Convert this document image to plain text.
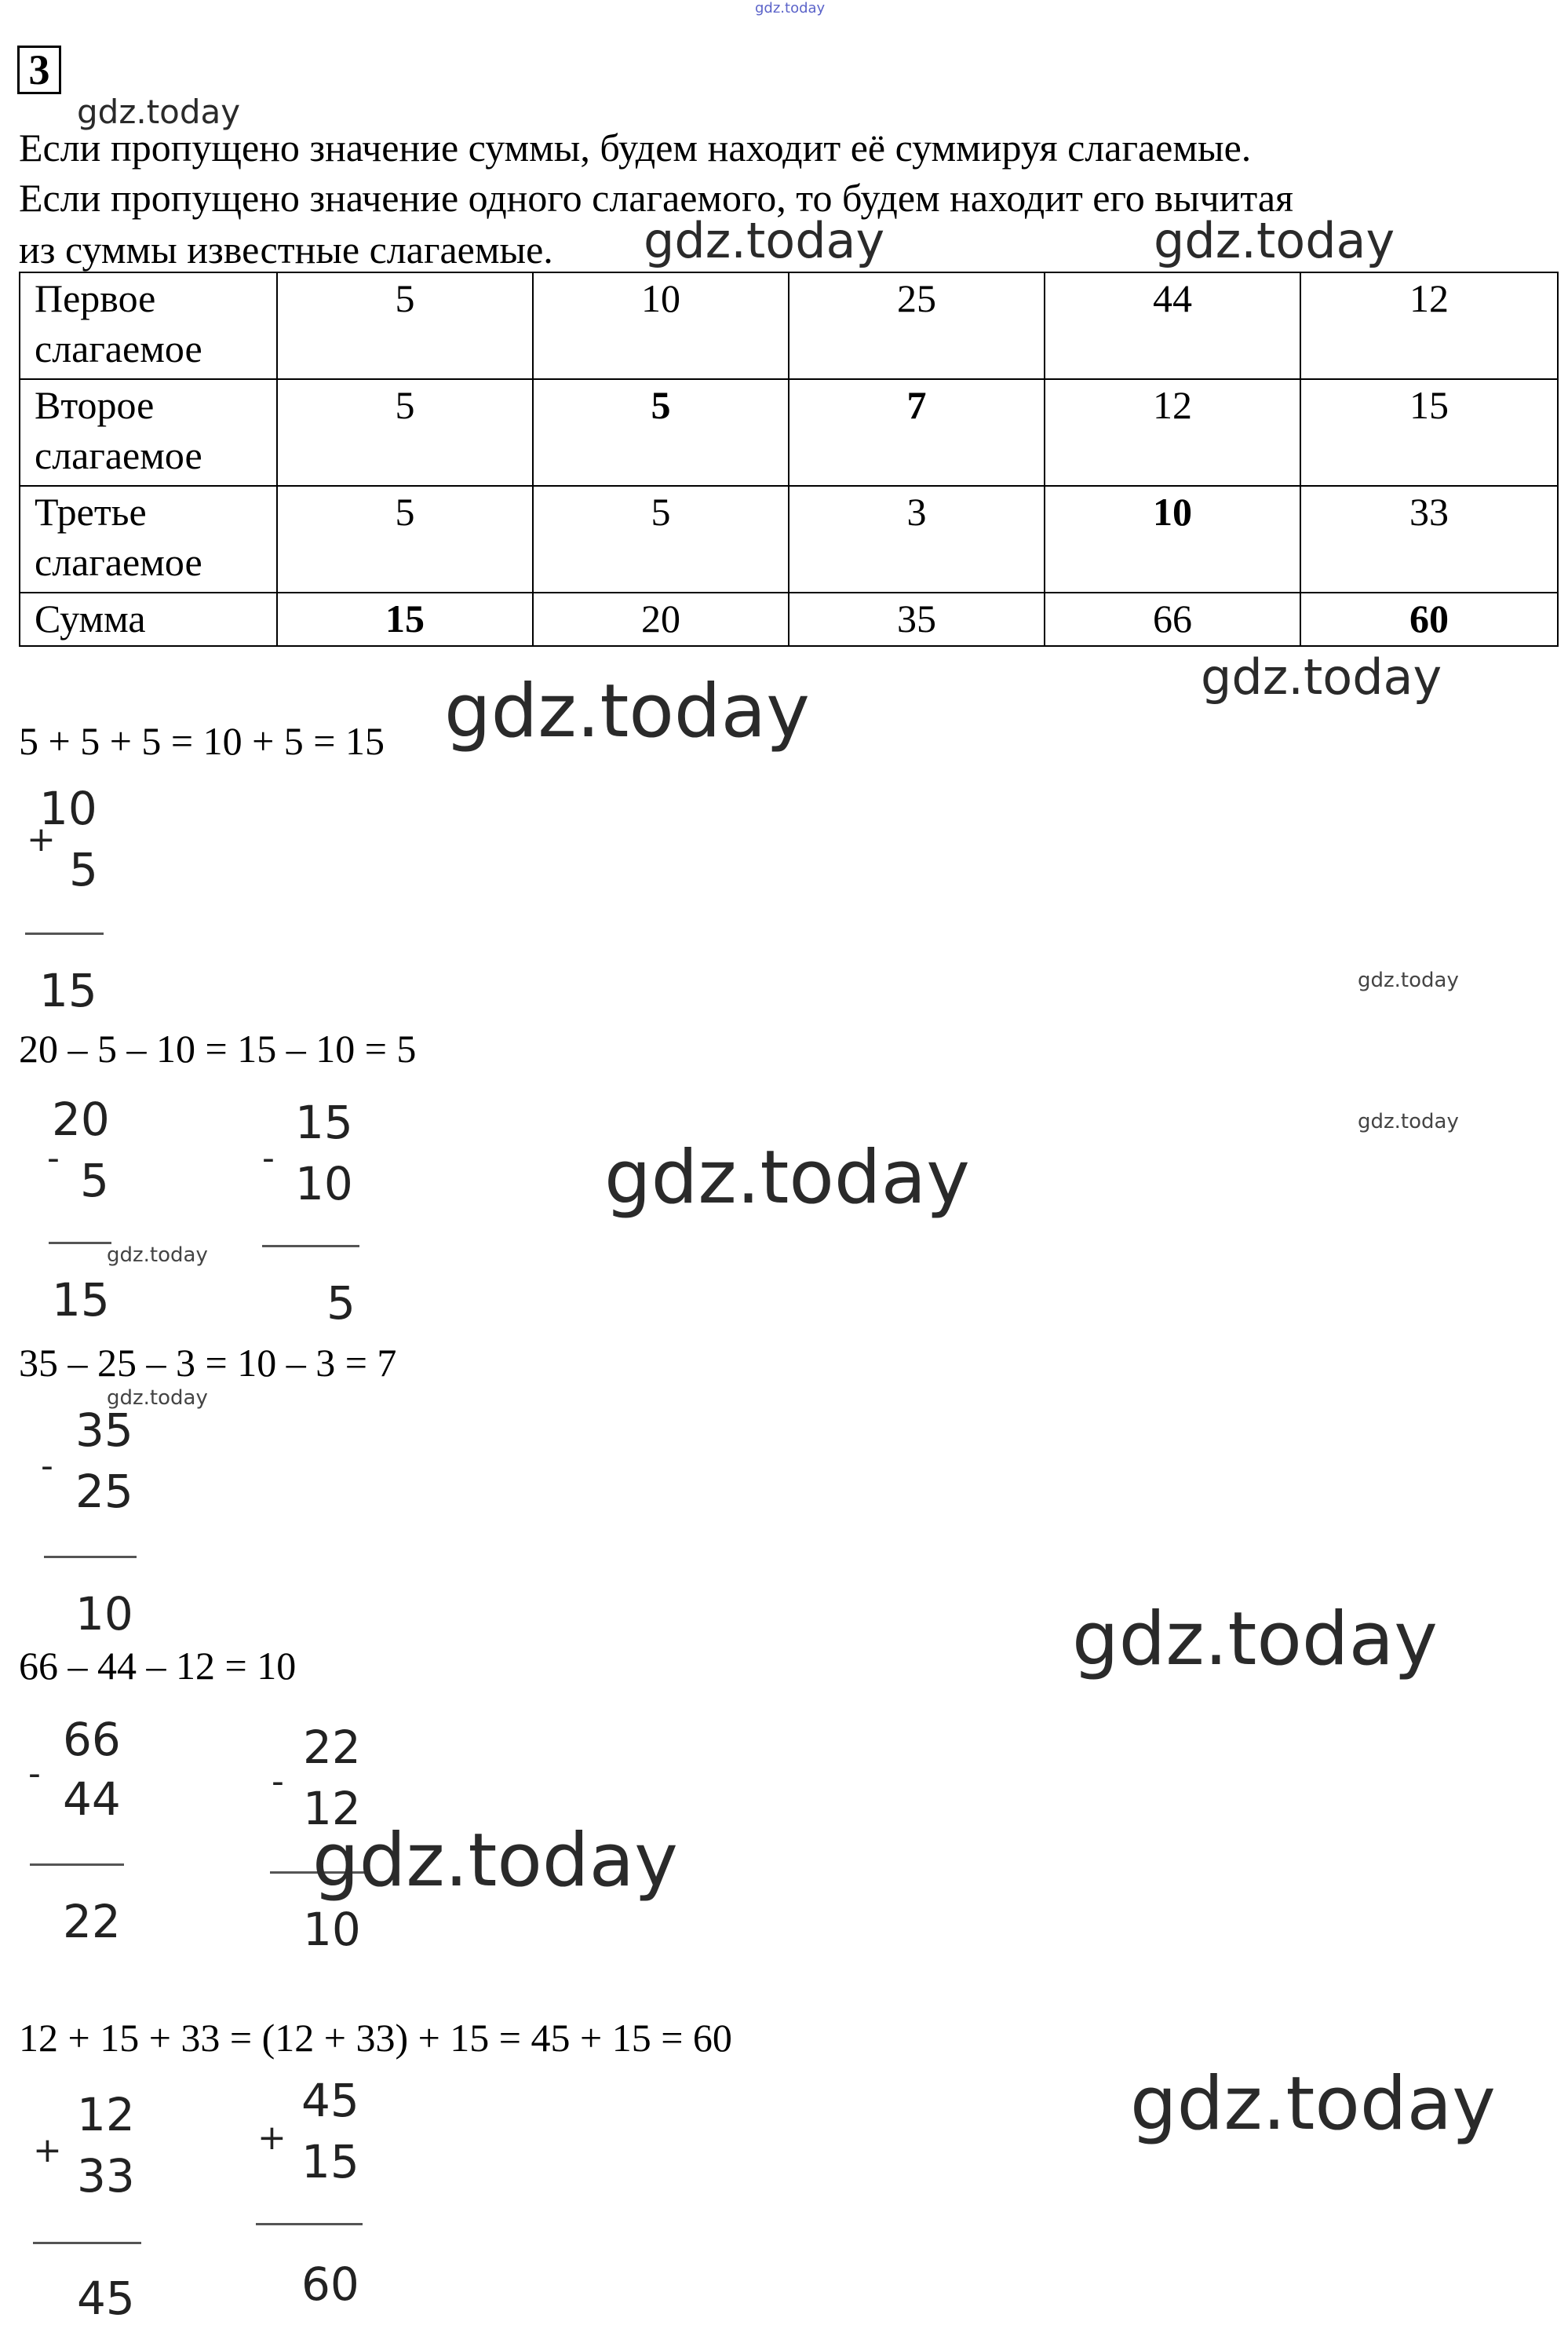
gdz.today
3
gdz.today
Если пропущено значение суммы, будем находит её суммируя слагаемые.
Если пропущено значение одного слагаемого, то будем находит его вычитая
из суммы известные слагаемые. gdz.today	gdz.today
Первое
слагаемое	5	10	25	44	12
Второе
слагаемое	5	5	7	12	15
Третье
слагаемое	5	5	3	10	33
Сумма	15	20	35	66	60
gdz.today
5 + 5 + 5 = 10 + 5 = 15 gdz.today
+
10
5
15	gdz.today
20 – 5 – 10 = 15 – 10 = 5
gdz.today
-
20
5
15
gdz.today
-
15
10
5
gdz.today
35 – 25 – 3 = 10 – 3 = 7
gdz.today
-
35
25
10
66 – 44 – 12 = 10	gdz.today
-
66
44
22
-
22
12
10
gdz.today
12 + 15 + 33 = (12 + 33) + 15 = 45 + 15 = 60
gdz.today
+
12
33
45
+
45
15
60
